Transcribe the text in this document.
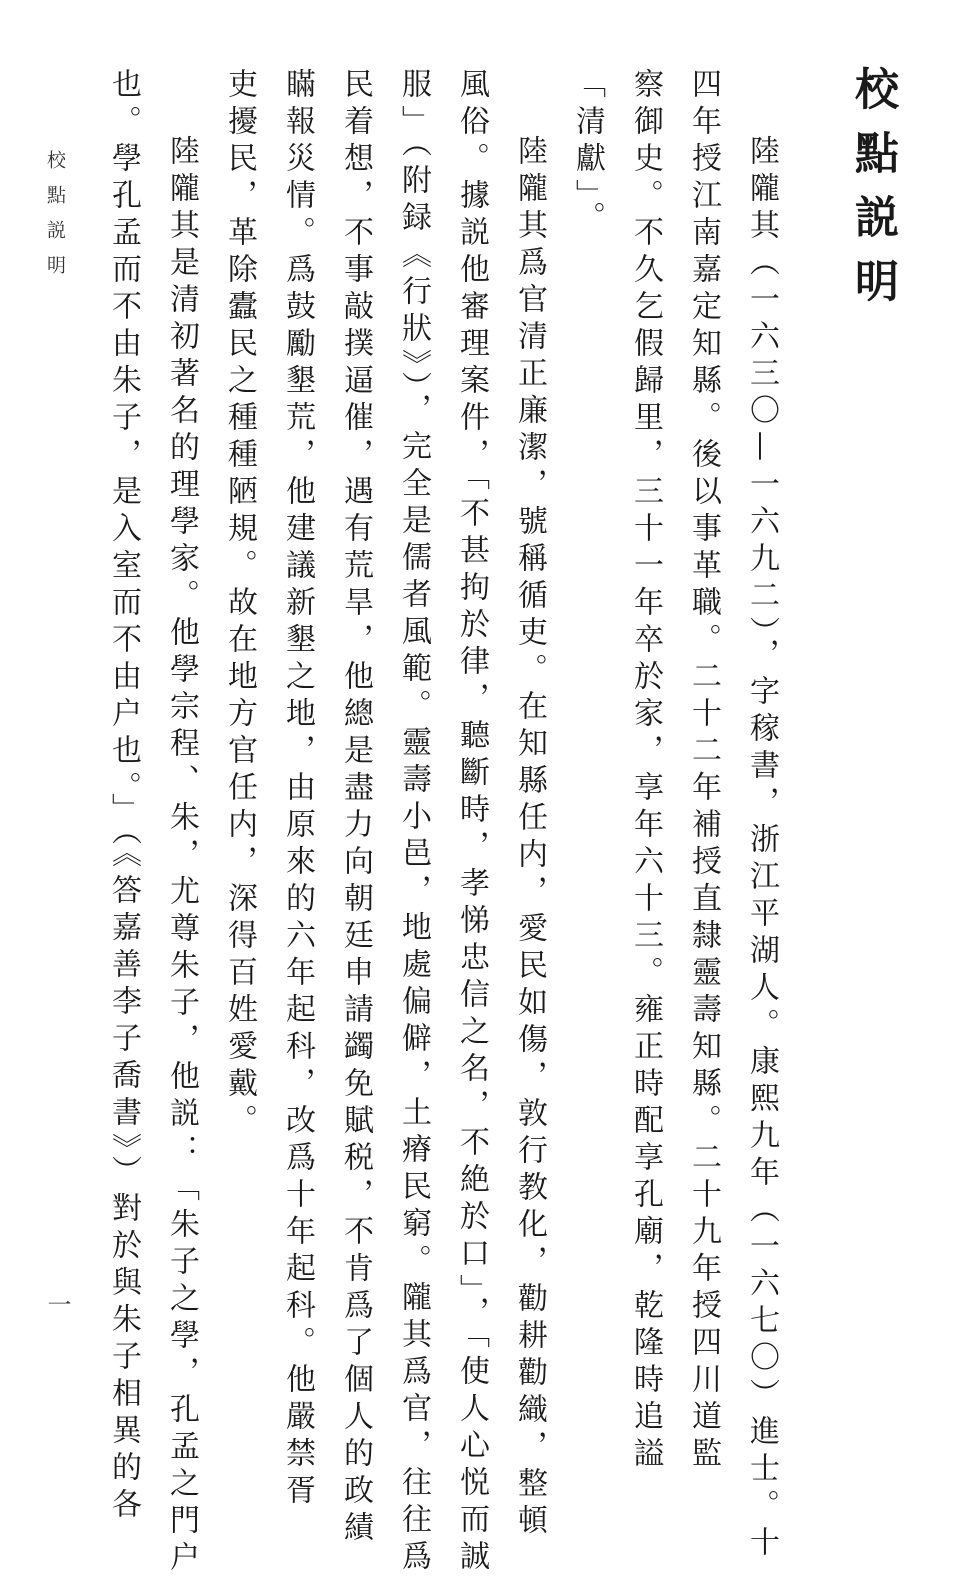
校點説明

陸隴其（一六三〇—一六九二），字稼書，浙江平湖人。康熙九年（一六七〇）進士。十

四年授江南嘉定知縣。後以事革職。二十二年補授直隸靈壽知縣。二十九年授四川道監

察御史。不久乞假歸里，三十一年卒於家，享年六十三。雍正時配享孔廟，乾隆時追謚

「清獻」。

陸隴其爲官清正廉潔，號稱循吏。在知縣任内，愛民如傷，敦行教化，勸耕勸織，整頓

風俗。據説他審理案件，「不甚拘於律，聽斷時，孝悌忠信之名，不絶於口」，「使人心悦而誠

服」（附録《行狀》），完全是儒者風範。靈壽小邑，地處偏僻，土瘠民窮。隴其爲官，往往爲

民着想，不事敲撲逼催，遇有荒旱，他總是盡力向朝廷申請蠲免賦税，不肯爲了個人的政績

瞞報災情。爲鼓勵墾荒，他建議新墾之地，由原來的六年起科，改爲十年起科。他嚴禁胥

吏擾民，革除蠹民之種種陋規。故在地方官任内，深得百姓愛戴。

陸隴其是清初著名的理學家。他學宗程、朱，尤尊朱子，他説：「朱子之學，孔孟之門户

也。學孔孟而不由朱子，是入室而不由户也。」（《答嘉善李子喬書》）對於與朱子相異的各

校點説明
一
